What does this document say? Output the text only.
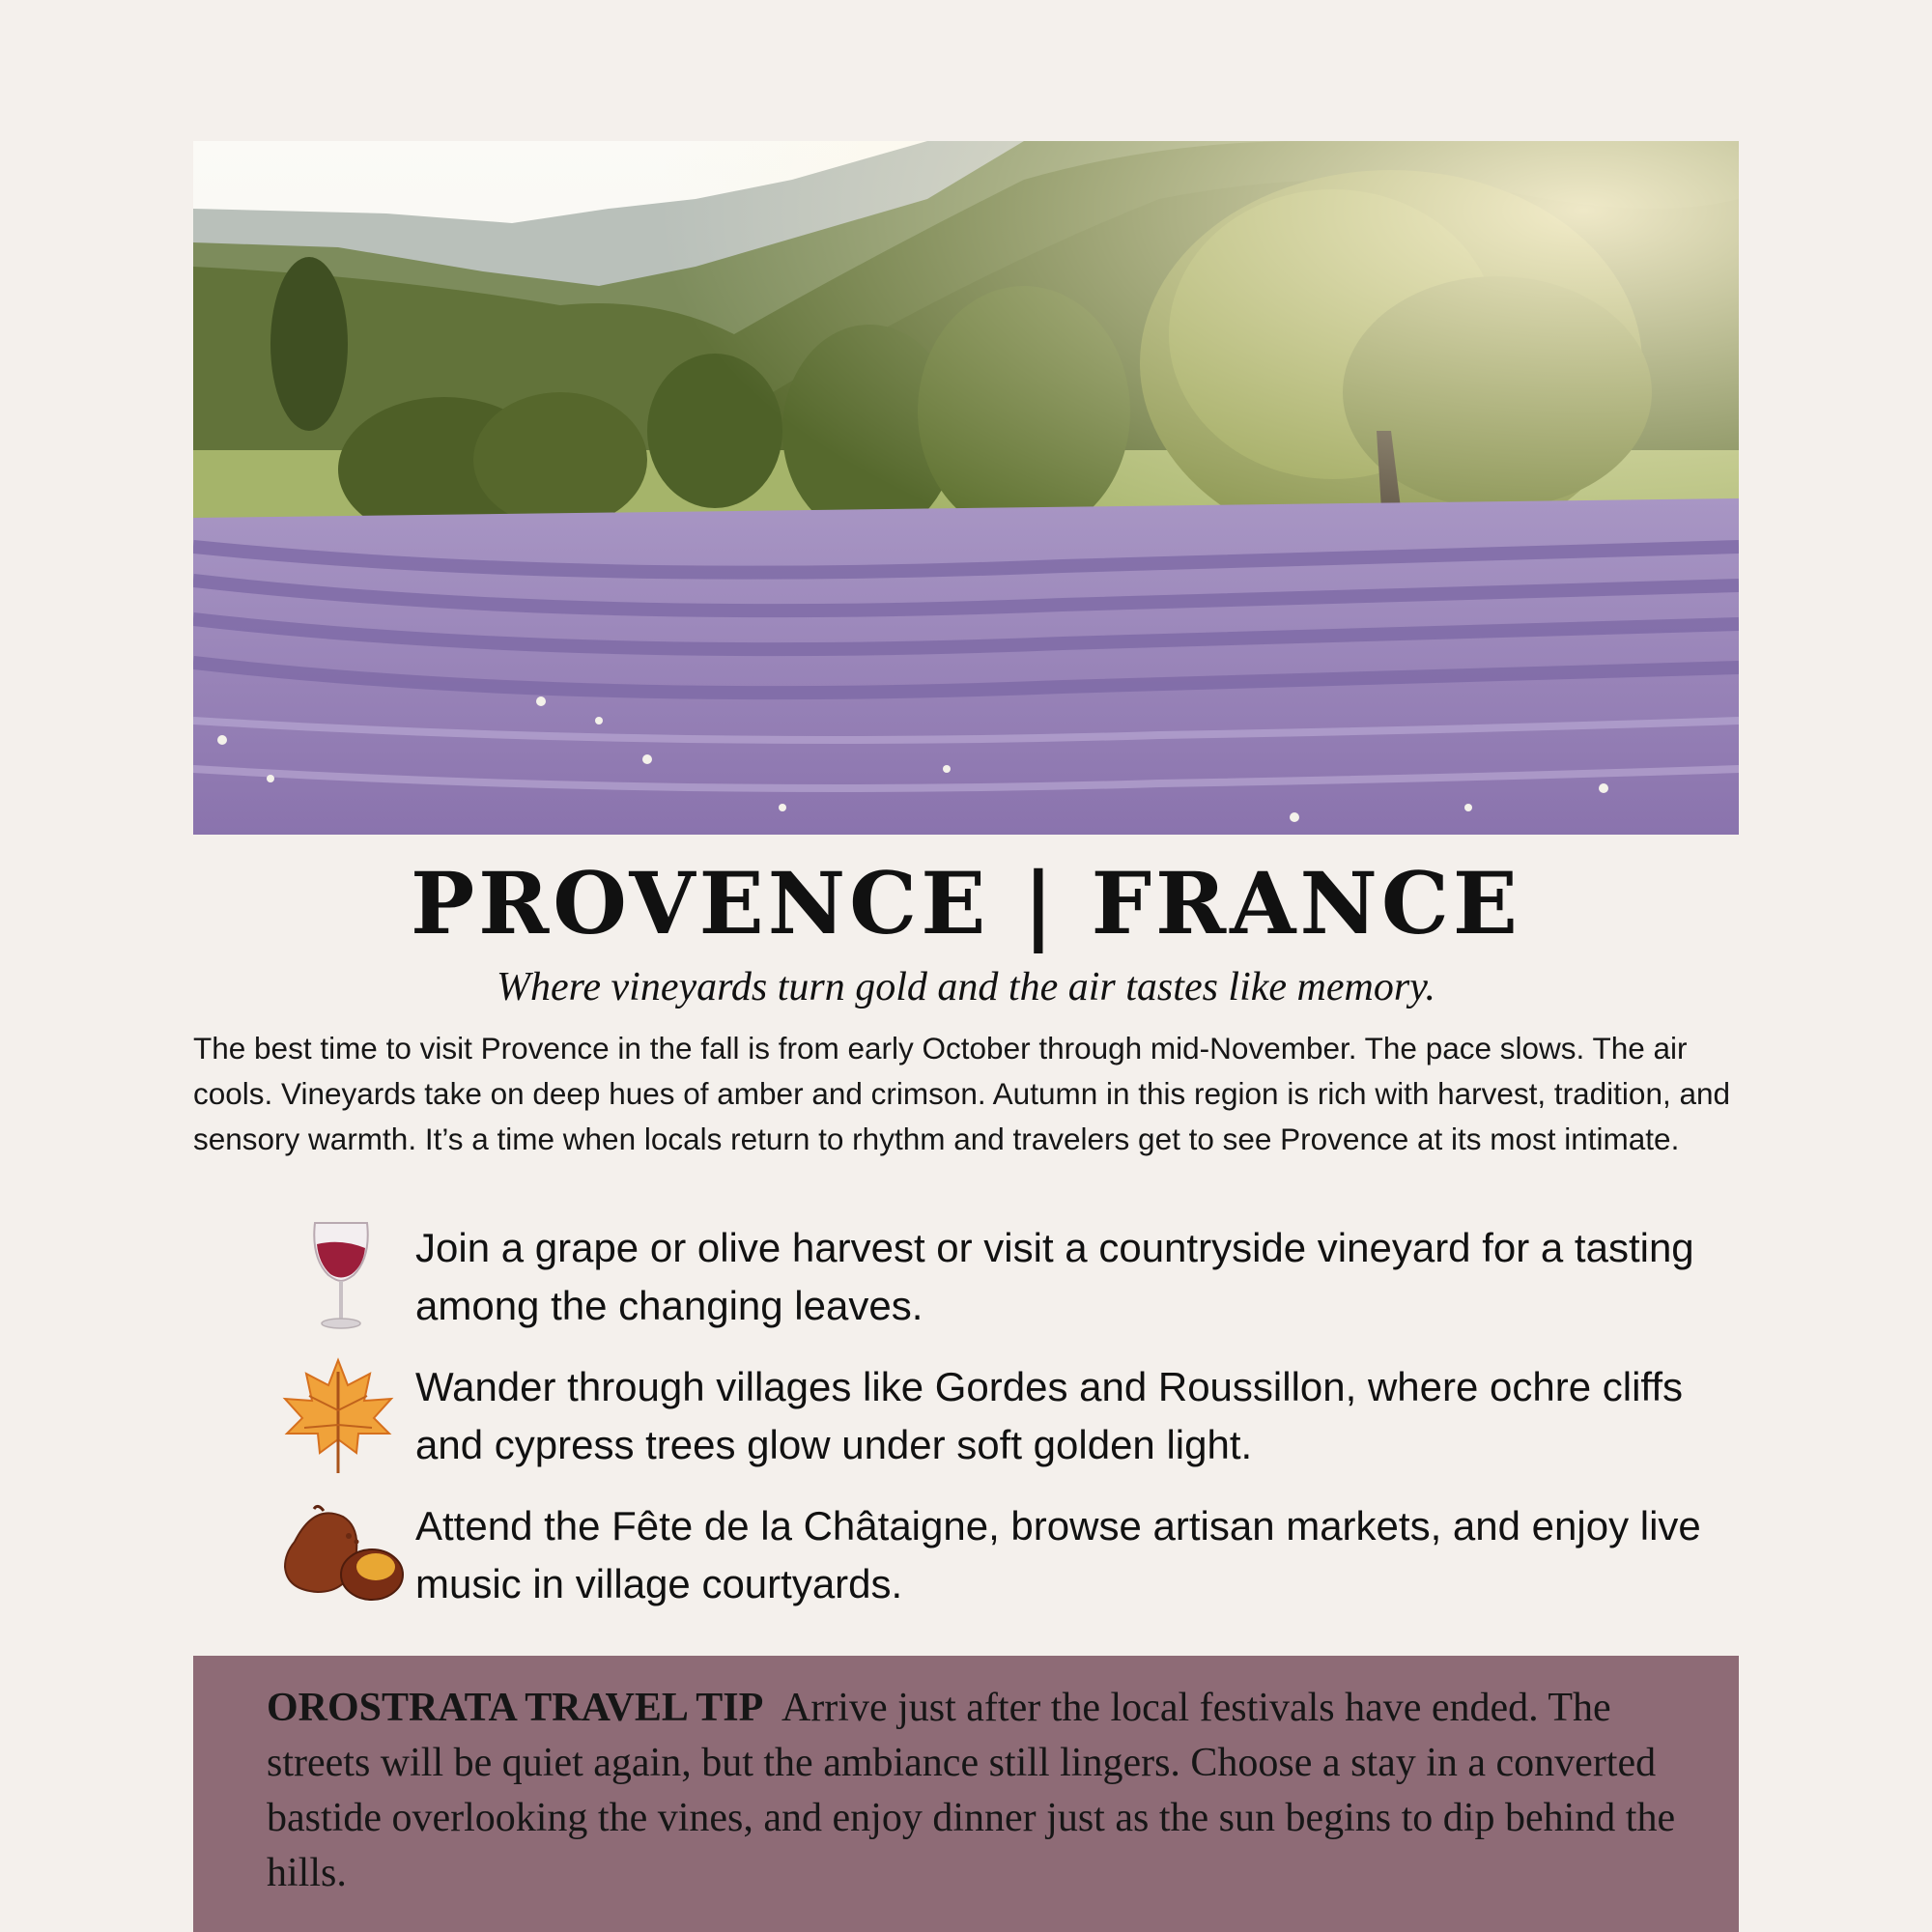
PROVENCE | FRANCE
Where vineyards turn gold and the air tastes like memory.

The best time to visit Provence in the fall is from early October through mid-November. The pace slows. The air cools. Vineyards take on deep hues of amber and crimson. Autumn in this region is rich with harvest, tradition, and sensory warmth. It’s a time when locals return to rhythm and travelers get to see Provence at its most intimate.

Join a grape or olive harvest or visit a countryside vineyard for a tasting among the changing leaves.
Wander through villages like Gordes and Roussillon, where ochre cliffs and cypress trees glow under soft golden light.
Attend the Fête de la Châtaigne, browse artisan markets, and enjoy live music in village courtyards.
OROSTRATA TRAVEL TIP  Arrive just after the local festivals have ended. The streets will be quiet again, but the ambiance still lingers. Choose a stay in a converted bastide overlooking the vines, and enjoy dinner just as the sun begins to dip behind the hills.
